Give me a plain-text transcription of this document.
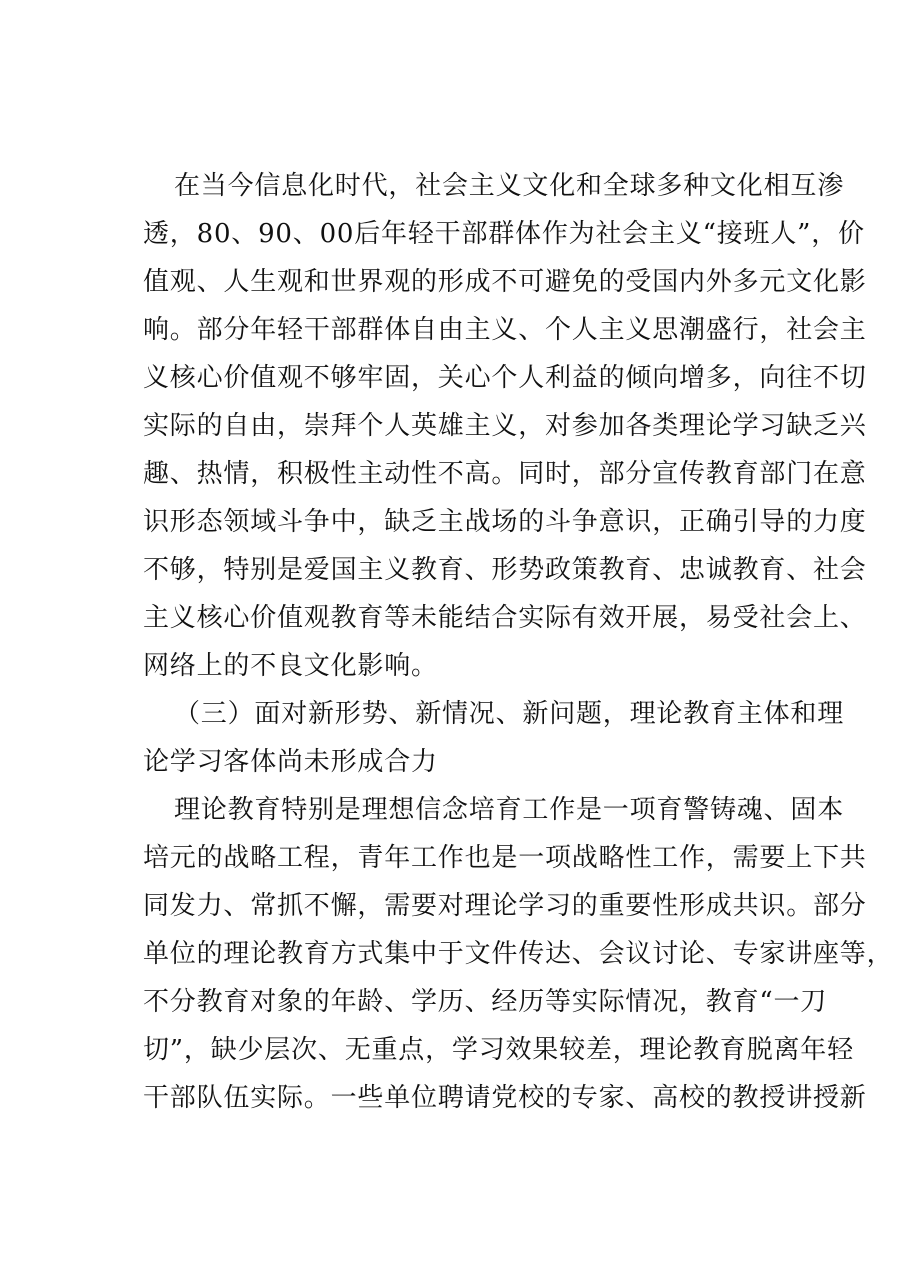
在当今信息化时代，社会主义文化和全球多种文化相互渗
透，80、90、00后年轻干部群体作为社会主义“接班人”，价
值观、人生观和世界观的形成不可避免的受国内外多元文化影
响。部分年轻干部群体自由主义、个人主义思潮盛行，社会主
义核心价值观不够牢固，关心个人利益的倾向增多，向往不切
实际的自由，崇拜个人英雄主义，对参加各类理论学习缺乏兴
趣、热情，积极性主动性不高。同时，部分宣传教育部门在意
识形态领域斗争中，缺乏主战场的斗争意识，正确引导的力度
不够，特别是爱国主义教育、形势政策教育、忠诚教育、社会
主义核心价值观教育等未能结合实际有效开展，易受社会上、
网络上的不良文化影响。
（三）面对新形势、新情况、新问题，理论教育主体和理
论学习客体尚未形成合力
理论教育特别是理想信念培育工作是一项育警铸魂、固本
培元的战略工程，青年工作也是一项战略性工作，需要上下共
同发力、常抓不懈，需要对理论学习的重要性形成共识。部分
单位的理论教育方式集中于文件传达、会议讨论、专家讲座等，
不分教育对象的年龄、学历、经历等实际情况，教育“一刀
切”，缺少层次、无重点，学习效果较差，理论教育脱离年轻
干部队伍实际。一些单位聘请党校的专家、高校的教授讲授新
